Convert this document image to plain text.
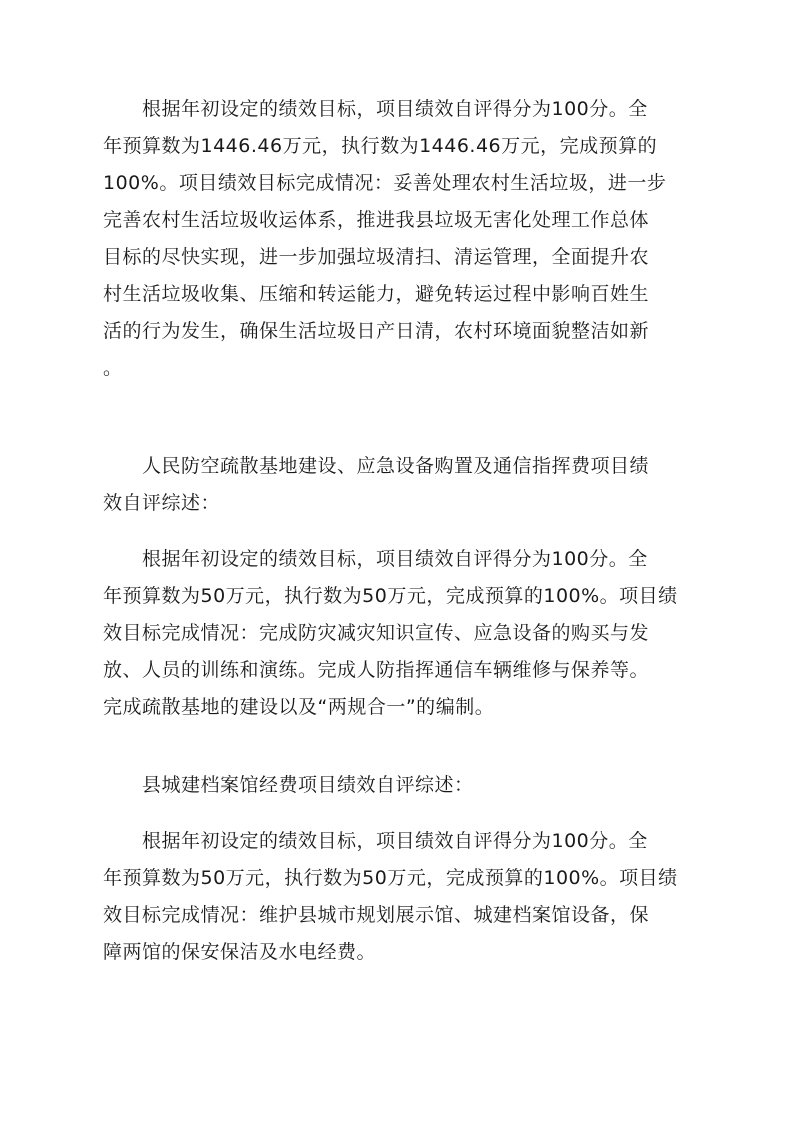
根据年初设定的绩效目标，项目绩效自评得分为100分。全
年预算数为1446.46万元，执行数为1446.46万元，完成预算的
100%。项目绩效目标完成情况：妥善处理农村生活垃圾，进一步
完善农村生活垃圾收运体系，推进我县垃圾无害化处理工作总体
目标的尽快实现，进一步加强垃圾清扫、清运管理，全面提升农
村生活垃圾收集、压缩和转运能力，避免转运过程中影响百姓生
活的行为发生，确保生活垃圾日产日清，农村环境面貌整洁如新
。
人民防空疏散基地建设、应急设备购置及通信指挥费项目绩
效自评综述：
根据年初设定的绩效目标，项目绩效自评得分为100分。全
年预算数为50万元，执行数为50万元，完成预算的100%。项目绩
效目标完成情况：完成防灾减灾知识宣传、应急设备的购买与发
放、人员的训练和演练。完成人防指挥通信车辆维修与保养等。
完成疏散基地的建设以及“两规合一”的编制。
县城建档案馆经费项目绩效自评综述：
根据年初设定的绩效目标，项目绩效自评得分为100分。全
年预算数为50万元，执行数为50万元，完成预算的100%。项目绩
效目标完成情况：维护县城市规划展示馆、城建档案馆设备，保
障两馆的保安保洁及水电经费。
